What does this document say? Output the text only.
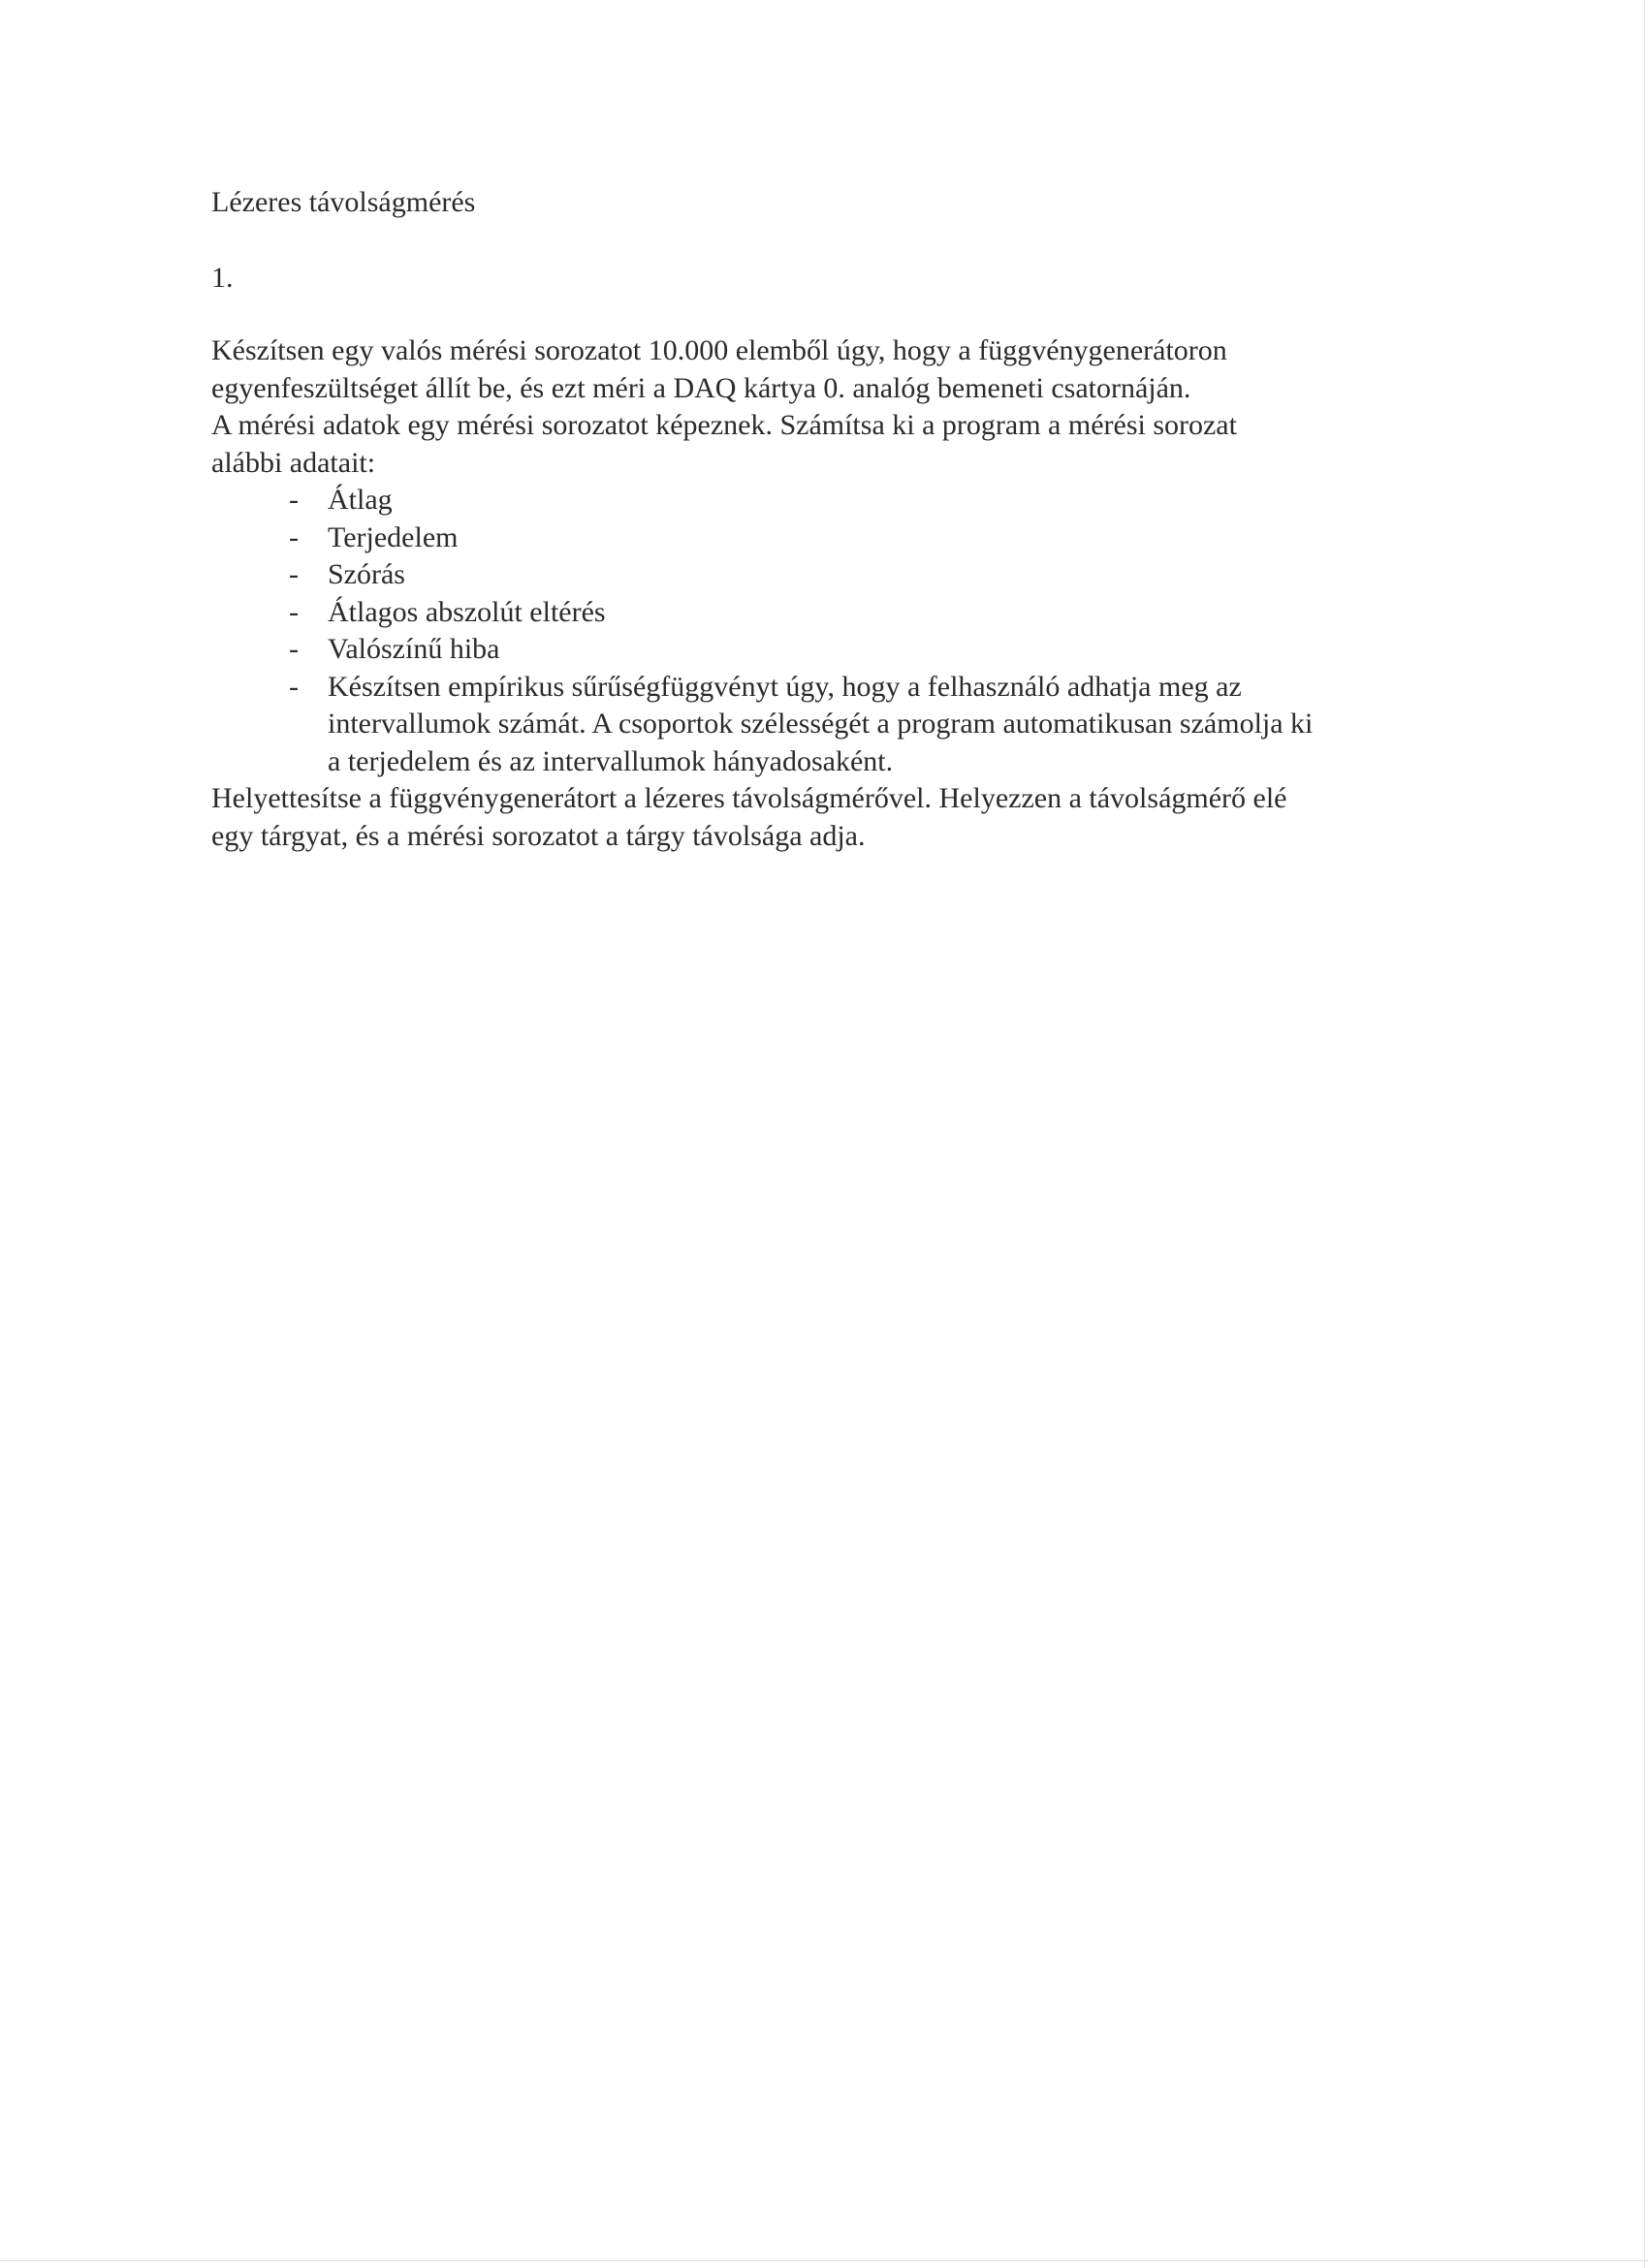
Lézeres távolságmérés
1.
Készítsen egy valós mérési sorozatot 10.000 elemből úgy, hogy a függvénygenerátoron
egyenfeszültséget állít be, és ezt méri a DAQ kártya 0. analóg bemeneti csatornáján.
A mérési adatok egy mérési sorozatot képeznek. Számítsa ki a program a mérési sorozat
alábbi adatait:
- Átlag
- Terjedelem
- Szórás
- Átlagos abszolút eltérés
- Valószínű hiba
- Készítsen empírikus sűrűségfüggvényt úgy, hogy a felhasználó adhatja meg az
intervallumok számát. A csoportok szélességét a program automatikusan számolja ki
a terjedelem és az intervallumok hányadosaként.
Helyettesítse a függvénygenerátort a lézeres távolságmérővel. Helyezzen a távolságmérő elé
egy tárgyat, és a mérési sorozatot a tárgy távolsága adja.
